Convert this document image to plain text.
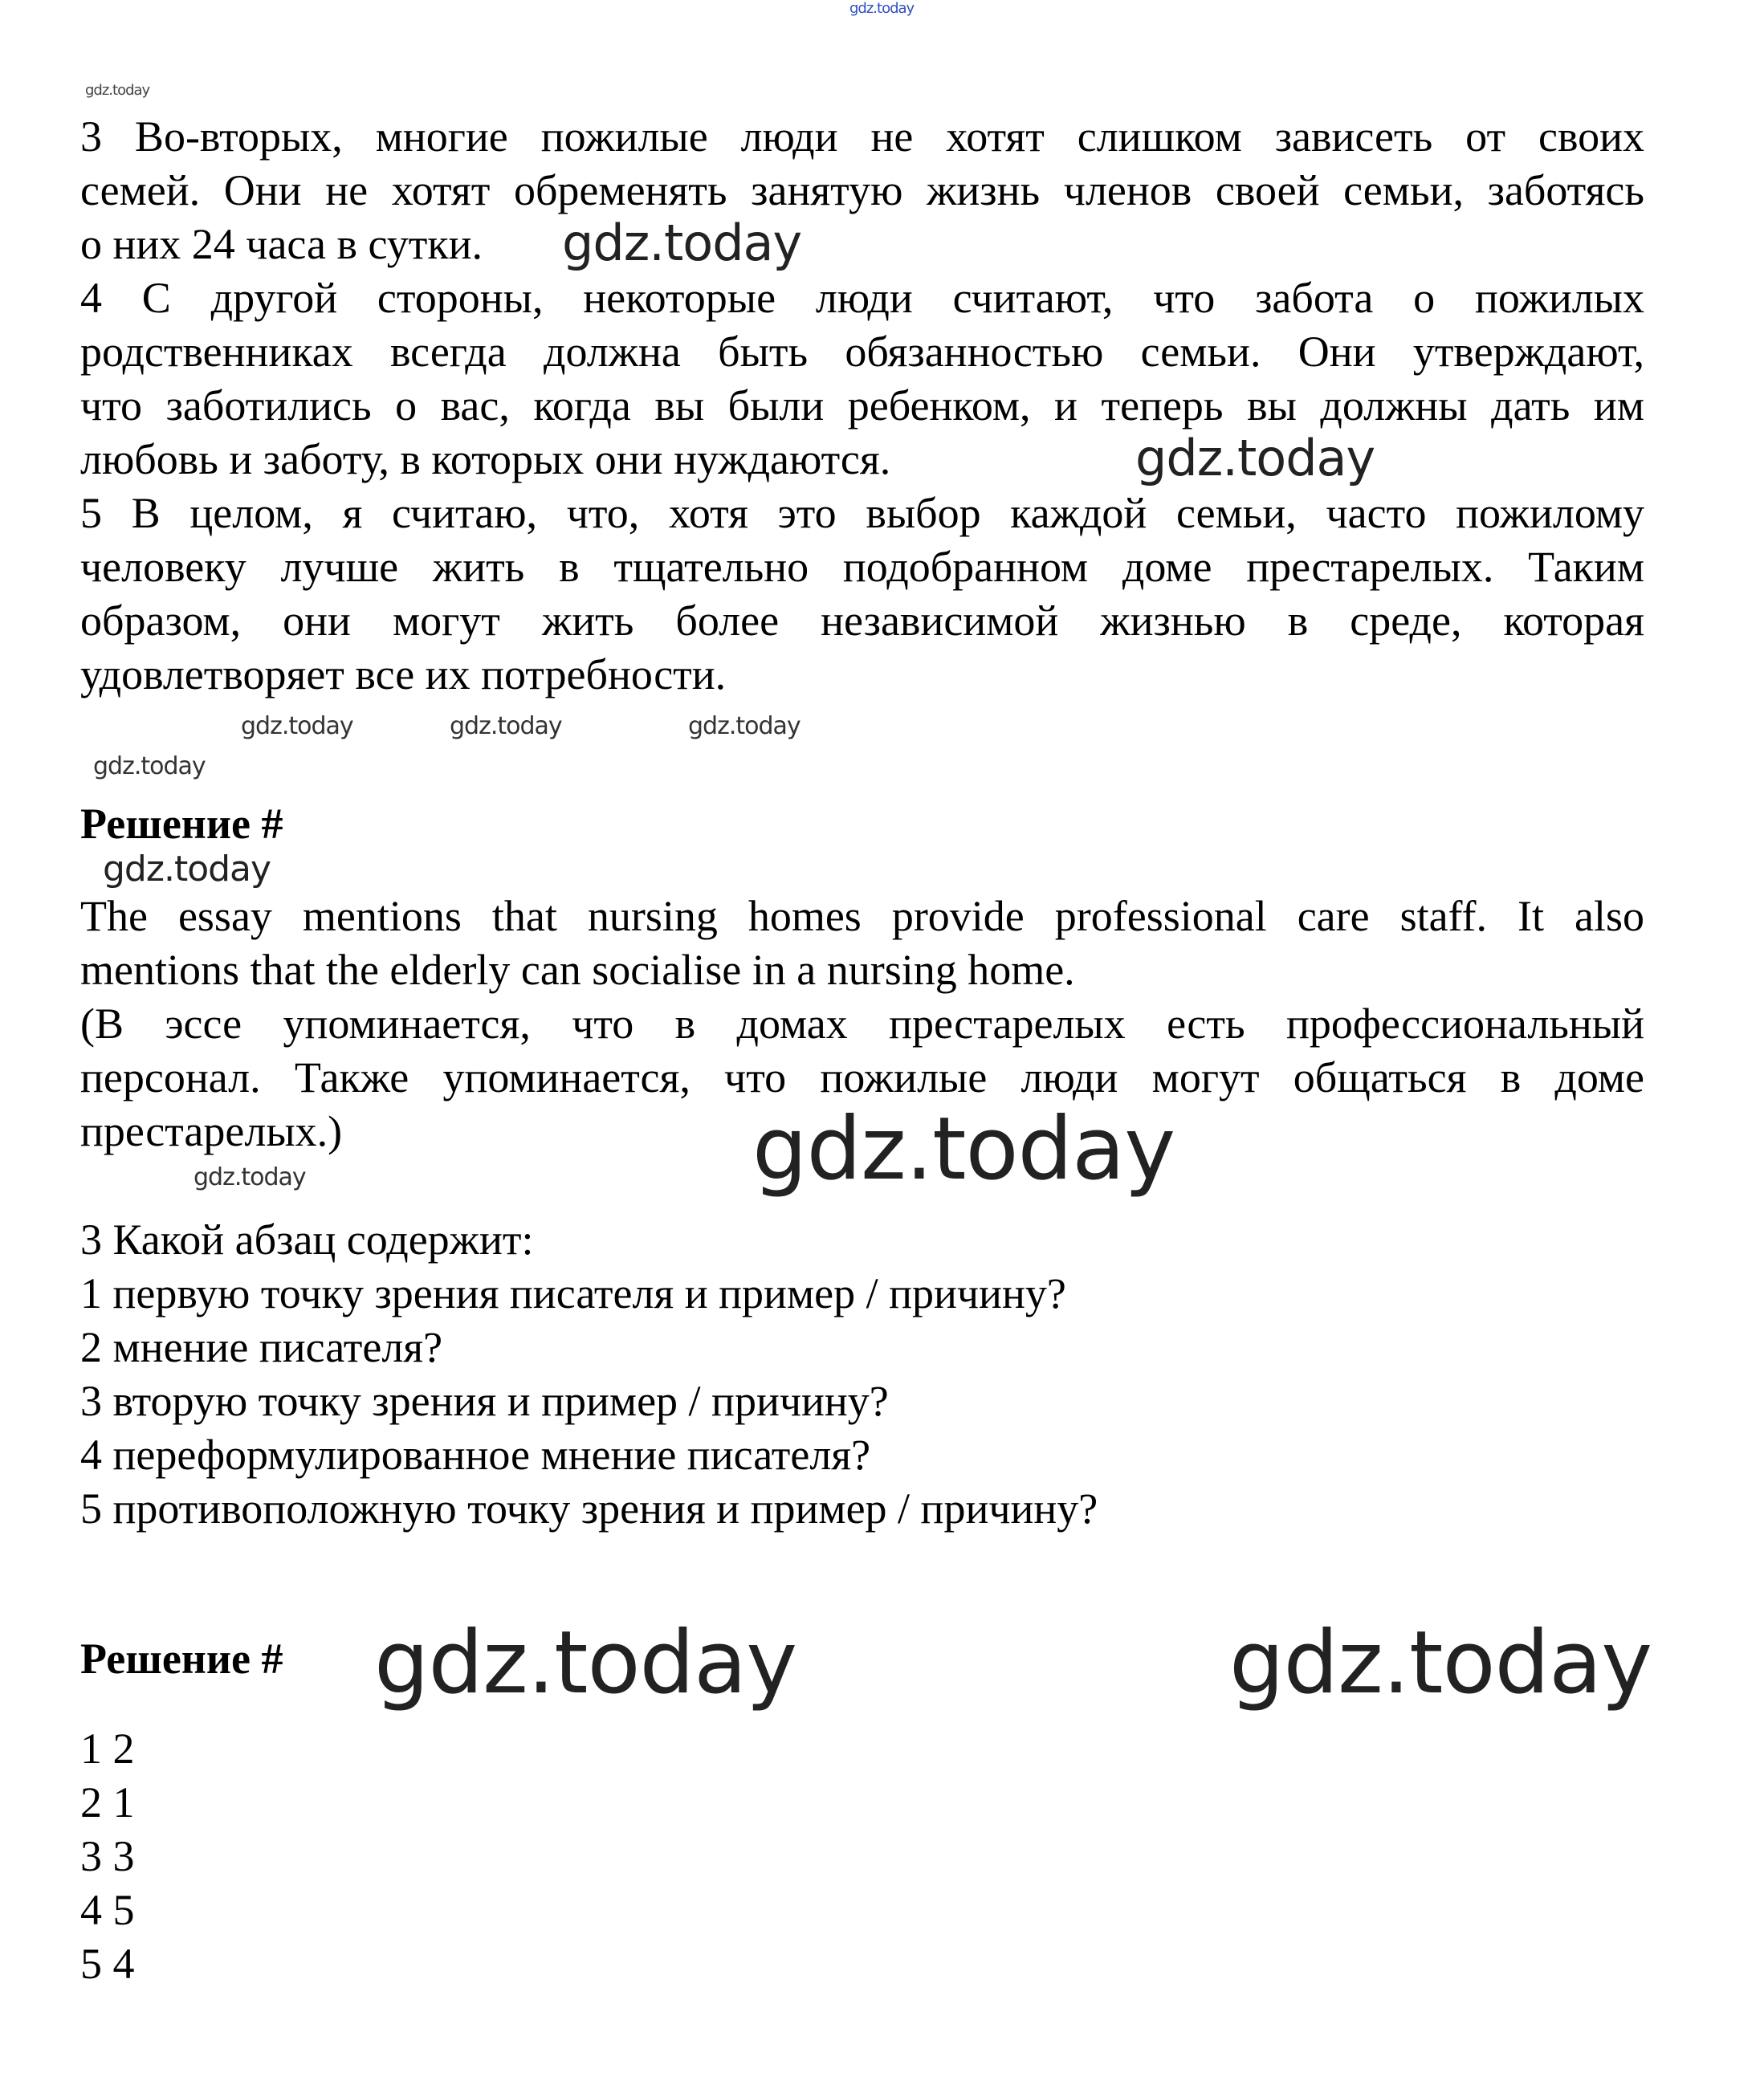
gdz.today
3 Во-вторых, многие пожилые люди не хотят слишком зависеть от своих
семей. Они не хотят обременять занятую жизнь членов своей семьи, заботясь
о них 24 часа в сутки.
4 С другой стороны, некоторые люди считают, что забота о пожилых
родственниках всегда должна быть обязанностью семьи. Они утверждают,
что заботились о вас, когда вы были ребенком, и теперь вы должны дать им
любовь и заботу, в которых они нуждаются.
5 В целом, я считаю, что, хотя это выбор каждой семьи, часто пожилому
человеку лучше жить в тщательно подобранном доме престарелых. Таким
образом, они могут жить более независимой жизнью в среде, которая
удовлетворяет все их потребности.
gdz.today
gdz.today
gdz.today
gdz.today
gdz.today	gdz.today	gdz.today
Решение #
gdz.today
The essay mentions that nursing homes provide professional care staff. It also
mentions that the elderly can socialise in a nursing home.
(В эссе упоминается, что в домах престарелых есть профессиональный
персонал. Также упоминается, что пожилые люди могут общаться в доме
престарелых.)	gdz.today
gdz.today
3 Какой абзац содержит:
1 первую точку зрения писателя и пример / причину?
2 мнение писателя?
3 вторую точку зрения и пример / причину?
4 переформулированное мнение писателя?
5 противоположную точку зрения и пример / причину?
Решение # gdz.today	gdz.today
1 2
2 1
3 3
4 5
5 4
